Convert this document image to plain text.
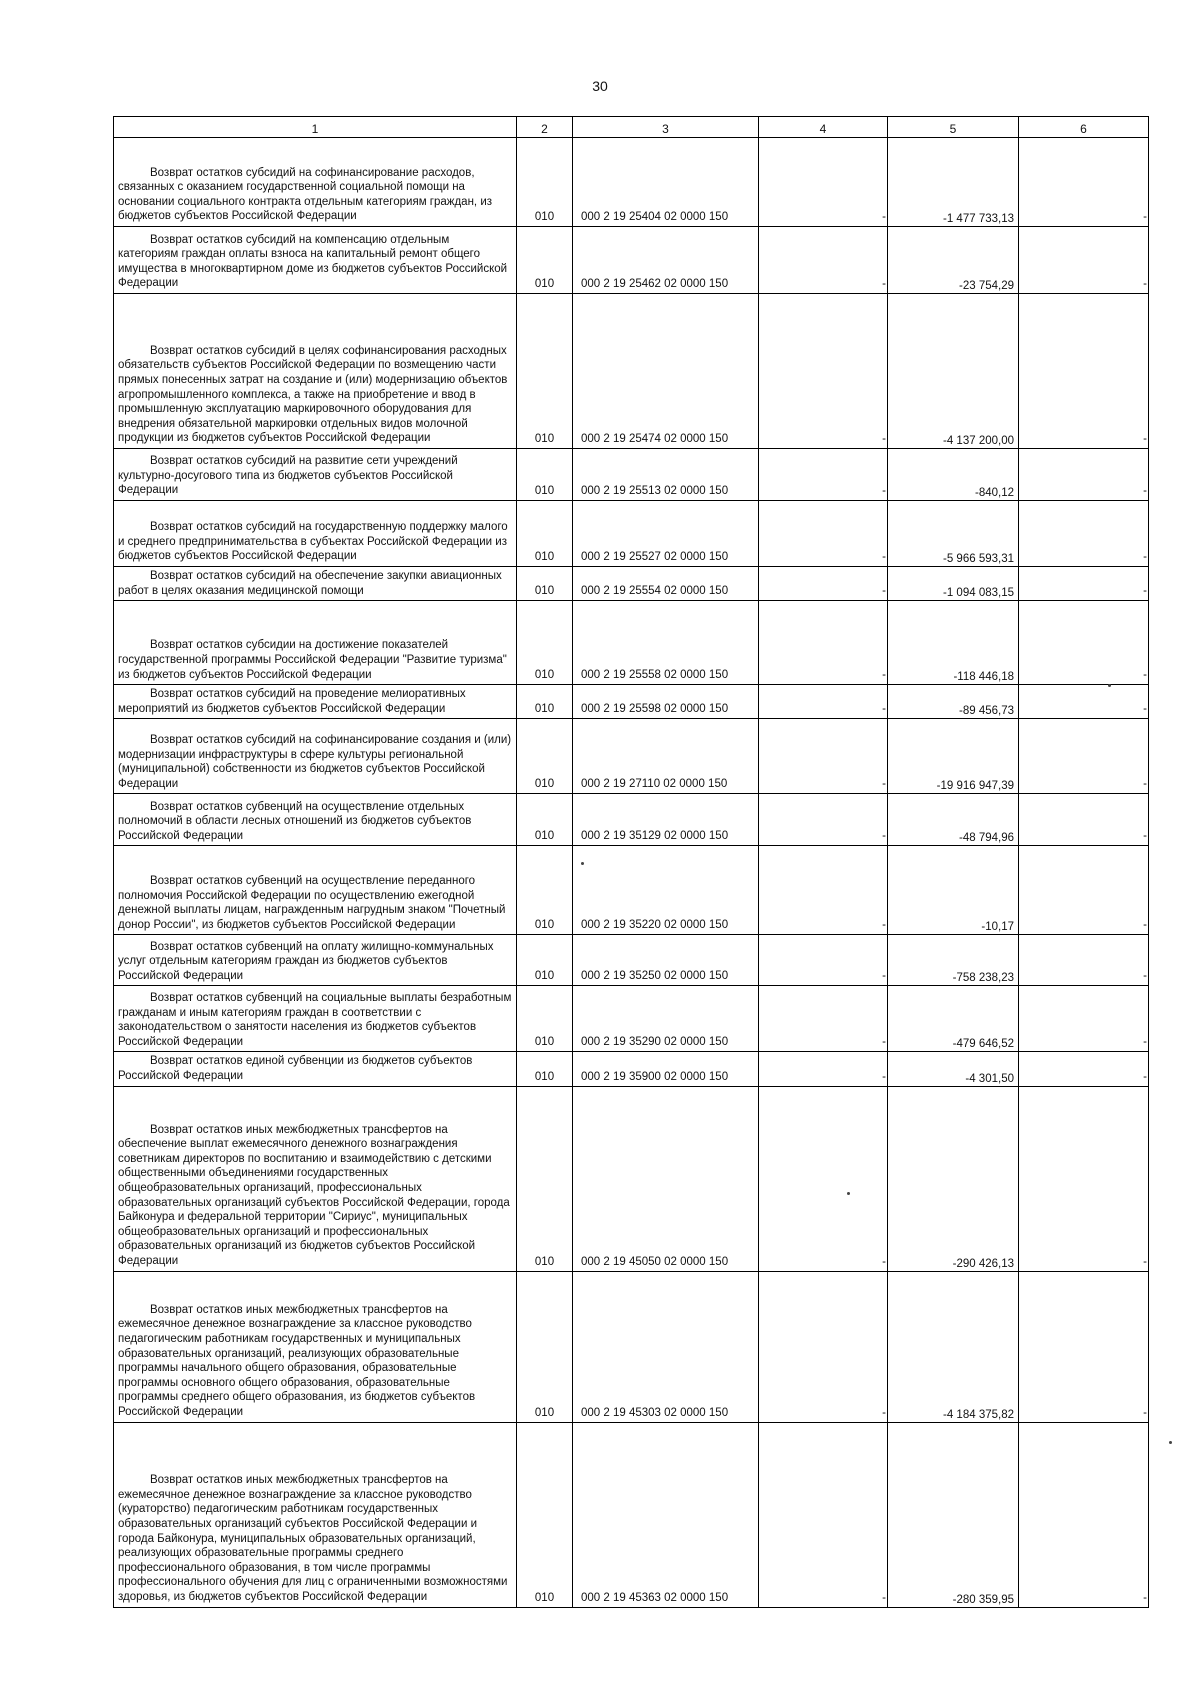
30
1	2	3	4	5	6
Возврат остатков субсидий на софинансирование расходов, связанных с оказанием государственной социальной помощи на основании социального контракта отдельным категориям граждан, из бюджетов субъектов Российской Федерации	010	000 2 19 25404 02 0000 150	-	-1 477 733,13	-
Возврат остатков субсидий на компенсацию отдельным категориям граждан оплаты взноса на капитальный ремонт общего имущества в многоквартирном доме из бюджетов субъектов Российской Федерации	010	000 2 19 25462 02 0000 150	-	-23 754,29	-
Возврат остатков субсидий в целях софинансирования расходных обязательств субъектов Российской Федерации по возмещению части прямых понесенных затрат на создание и (или) модернизацию объектов агропромышленного комплекса, а также на приобретение и ввод в промышленную эксплуатацию маркировочного оборудования для внедрения обязательной маркировки отдельных видов молочной продукции из бюджетов субъектов Российской Федерации	010	000 2 19 25474 02 0000 150	-	-4 137 200,00	-
Возврат остатков субсидий на развитие сети учреждений культурно-досугового типа из бюджетов субъектов Российской Федерации	010	000 2 19 25513 02 0000 150	-	-840,12	-
Возврат остатков субсидий на государственную поддержку малого и среднего предпринимательства в субъектах Российской Федерации из бюджетов субъектов Российской Федерации	010	000 2 19 25527 02 0000 150	-	-5 966 593,31	-
Возврат остатков субсидий на обеспечение закупки авиационных работ в целях оказания медицинской помощи	010	000 2 19 25554 02 0000 150	-	-1 094 083,15	-
Возврат остатков субсидии на достижение показателей государственной программы Российской Федерации "Развитие туризма" из бюджетов субъектов Российской Федерации	010	000 2 19 25558 02 0000 150	-	-118 446,18	-
Возврат остатков субсидий на проведение мелиоративных мероприятий из бюджетов субъектов Российской Федерации	010	000 2 19 25598 02 0000 150	-	-89 456,73	-
Возврат остатков субсидий на софинансирование создания и (или) модернизации инфраструктуры в сфере культуры региональной (муниципальной) собственности из бюджетов субъектов Российской Федерации	010	000 2 19 27110 02 0000 150	-	-19 916 947,39	-
Возврат остатков субвенций на осуществление отдельных полномочий в области лесных отношений из бюджетов субъектов Российской Федерации	010	000 2 19 35129 02 0000 150	-	-48 794,96	-
Возврат остатков субвенций на осуществление переданного полномочия Российской Федерации по осуществлению ежегодной денежной выплаты лицам, награжденным нагрудным знаком "Почетный донор России", из бюджетов субъектов Российской Федерации	010	000 2 19 35220 02 0000 150	-	-10,17	-
Возврат остатков субвенций на оплату жилищно-коммунальных услуг отдельным категориям граждан из бюджетов субъектов Российской Федерации	010	000 2 19 35250 02 0000 150	-	-758 238,23	-
Возврат остатков субвенций на социальные выплаты безработным гражданам и иным категориям граждан в соответствии с законодательством о занятости населения из бюджетов субъектов Российской Федерации	010	000 2 19 35290 02 0000 150	-	-479 646,52	-
Возврат остатков единой субвенции из бюджетов субъектов Российской Федерации	010	000 2 19 35900 02 0000 150	-	-4 301,50	-
Возврат остатков иных межбюджетных трансфертов на обеспечение выплат ежемесячного денежного вознаграждения советникам директоров по воспитанию и взаимодействию с детскими общественными объединениями государственных общеобразовательных организаций, профессиональных образовательных организаций субъектов Российской Федерации, города Байконура и федеральной территории "Сириус", муниципальных общеобразовательных организаций и профессиональных образовательных организаций из бюджетов субъектов Российской Федерации	010	000 2 19 45050 02 0000 150	-	-290 426,13	-
Возврат остатков иных межбюджетных трансфертов на ежемесячное денежное вознаграждение за классное руководство педагогическим работникам государственных и муниципальных образовательных организаций, реализующих образовательные программы начального общего образования, образовательные программы основного общего образования, образовательные программы среднего общего образования, из бюджетов субъектов Российской Федерации	010	000 2 19 45303 02 0000 150	-	-4 184 375,82	-
Возврат остатков иных межбюджетных трансфертов на ежемесячное денежное вознаграждение за классное руководство (кураторство) педагогическим работникам государственных образовательных организаций субъектов Российской Федерации и города Байконура, муниципальных образовательных организаций, реализующих образовательные программы среднего профессионального образования, в том числе программы профессионального обучения для лиц с ограниченными возможностями здоровья, из бюджетов субъектов Российской Федерации	010	000 2 19 45363 02 0000 150	-	-280 359,95	-
